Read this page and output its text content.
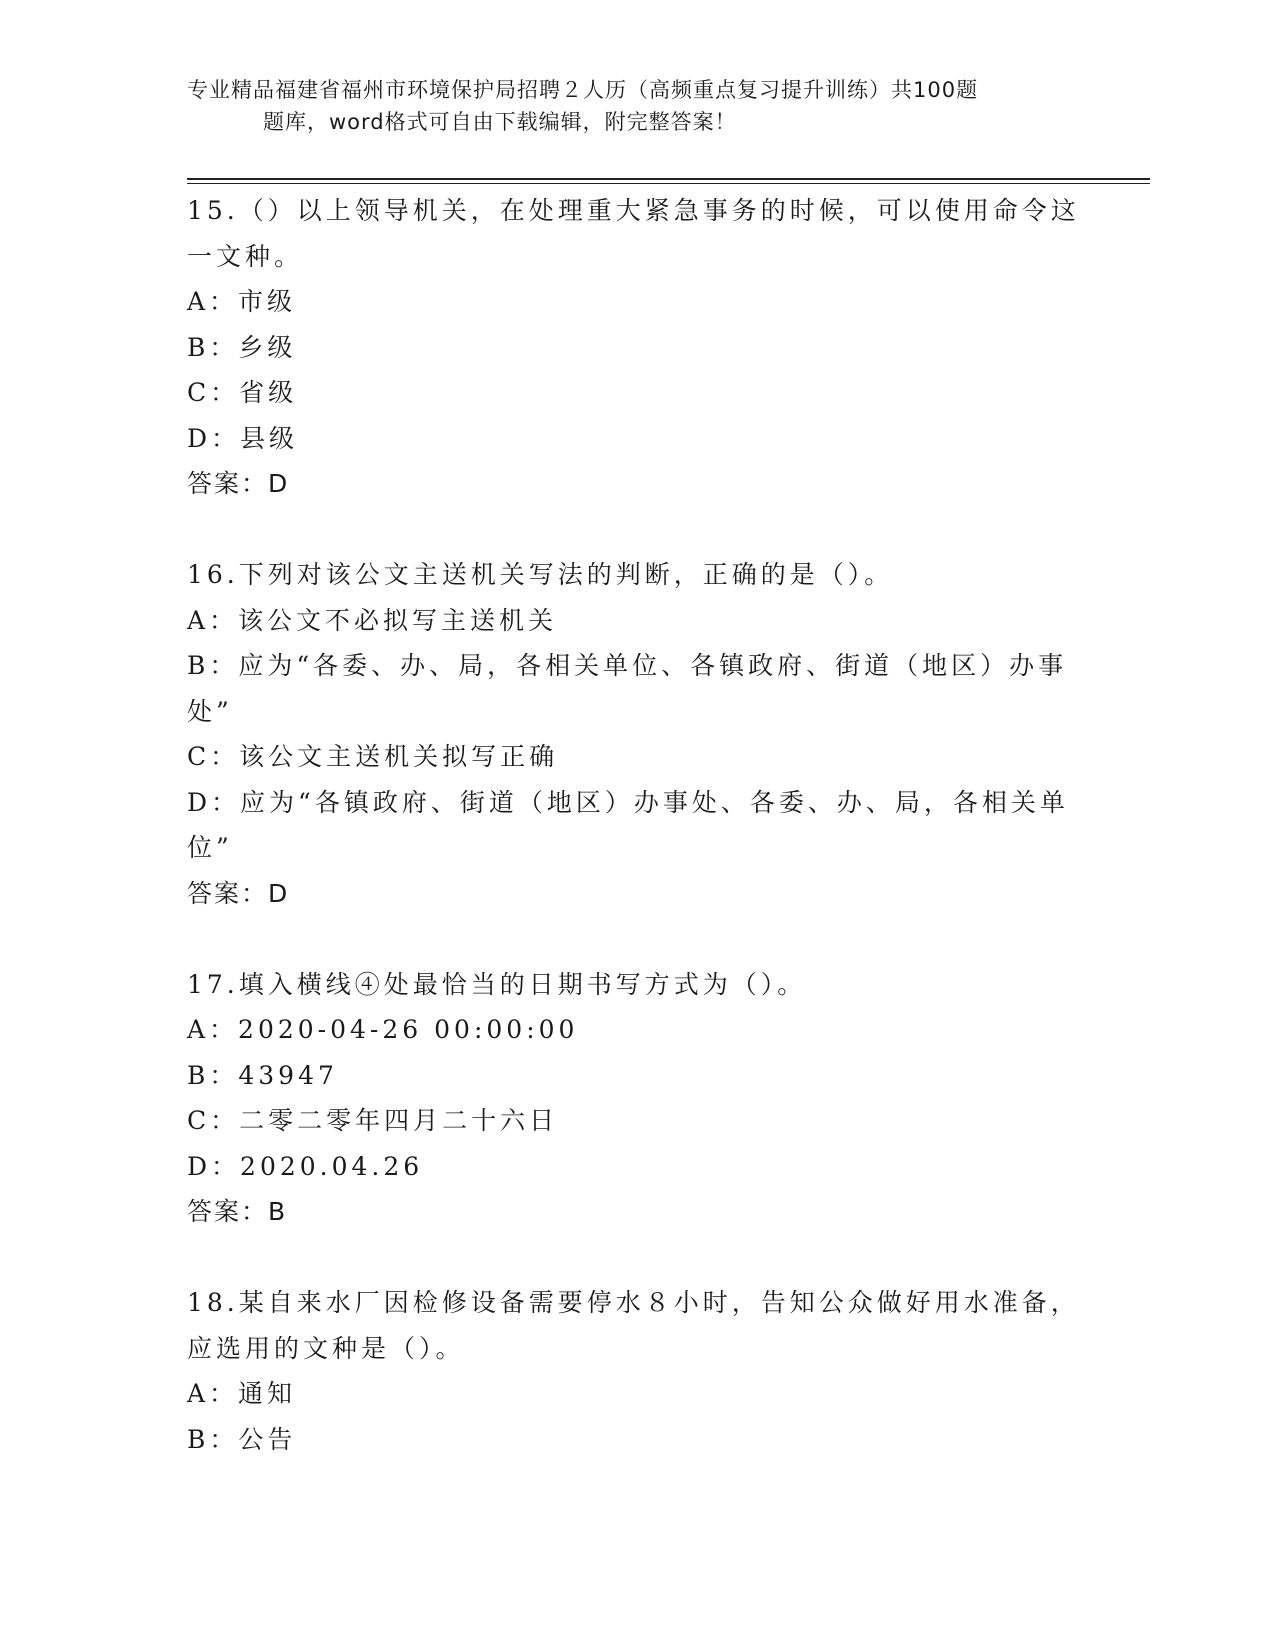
专业精品福建省福州市环境保护局招聘２人历（高频重点复习提升训练）共100题
题库，word格式可自由下载编辑，附完整答案！
15.（）以上领导机关，在处理重大紧急事务的时候，可以使用命令这
一文种。
A：市级
B：乡级
C：省级
D：县级
答案：D
16.下列对该公文主送机关写法的判断，正确的是（）。
A：该公文不必拟写主送机关
B：应为“各委、办、局，各相关单位、各镇政府、街道（地区）办事
处”
C：该公文主送机关拟写正确
D：应为“各镇政府、街道（地区）办事处、各委、办、局，各相关单
位”
答案：D
17.填入横线④处最恰当的日期书写方式为（）。
A：2020-04-26 00:00:00
B：43947
C：二零二零年四月二十六日
D：2020.04.26
答案：B
18.某自来水厂因检修设备需要停水８小时，告知公众做好用水准备，
应选用的文种是（）。
A：通知
B：公告
